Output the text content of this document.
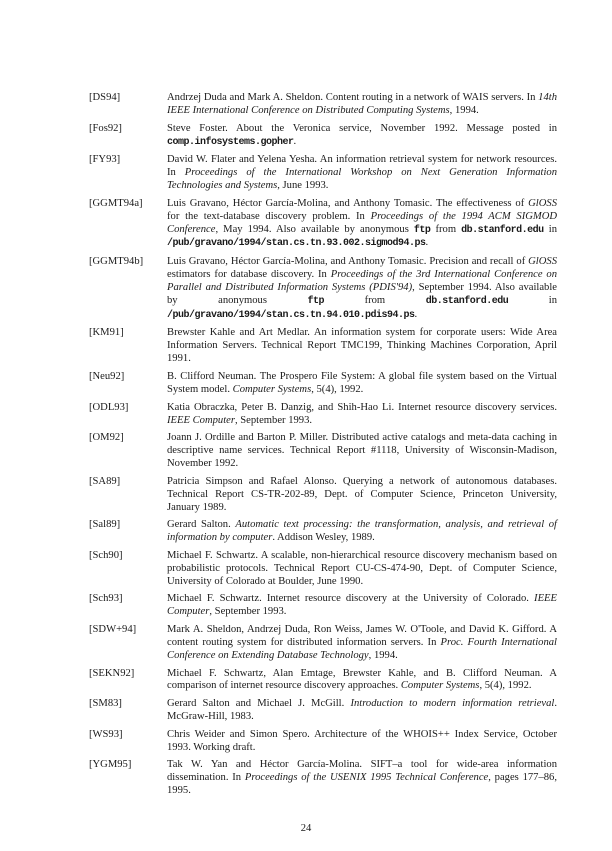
[DS94]	Andrzej Duda and Mark A. Sheldon. Content routing in a network of WAIS servers. In 14th IEEE International Conference on Distributed Computing Systems, 1994.
[Fos92]	Steve Foster. About the Veronica service, November 1992. Message posted in comp.infosystems.gopher.
[FY93]	David W. Flater and Yelena Yesha. An information retrieval system for network resources. In Proceedings of the International Workshop on Next Generation Information Technologies and Systems, June 1993.
[GGMT94a] Luis Gravano, Héctor García-Molina, and Anthony Tomasic. The effectiveness of GlOSS for the text-database discovery problem. In Proceedings of the 1994 ACM SIGMOD Conference, May 1994. Also available by anonymous ftp from db.stanford.edu in /pub/gravano/1994/stan.cs.tn.93.002.sigmod94.ps.
[GGMT94b] Luis Gravano, Héctor García-Molina, and Anthony Tomasic. Precision and recall of GlOSS estimators for database discovery. In Proceedings of the 3rd International Conference on Parallel and Distributed Information Systems (PDIS'94), September 1994. Also available by anonymous ftp from db.stanford.edu in /pub/gravano/1994/stan.cs.tn.94.010.pdis94.ps.
[KM91]	Brewster Kahle and Art Medlar. An information system for corporate users: Wide Area Information Servers. Technical Report TMC199, Thinking Machines Corporation, April 1991.
[Neu92]	B. Clifford Neuman. The Prospero File System: A global file system based on the Virtual System model. Computer Systems, 5(4), 1992.
[ODL93]	Katia Obraczka, Peter B. Danzig, and Shih-Hao Li. Internet resource discovery services. IEEE Computer, September 1993.
[OM92]	Joann J. Ordille and Barton P. Miller. Distributed active catalogs and meta-data caching in descriptive name services. Technical Report #1118, University of Wisconsin-Madison, November 1992.
[SA89]	Patricia Simpson and Rafael Alonso. Querying a network of autonomous databases. Technical Report CS-TR-202-89, Dept. of Computer Science, Princeton University, January 1989.
[Sal89]	Gerard Salton. Automatic text processing: the transformation, analysis, and retrieval of information by computer. Addison Wesley, 1989.
[Sch90]	Michael F. Schwartz. A scalable, non-hierarchical resource discovery mechanism based on probabilistic protocols. Technical Report CU-CS-474-90, Dept. of Computer Science, University of Colorado at Boulder, June 1990.
[Sch93]	Michael F. Schwartz. Internet resource discovery at the University of Colorado. IEEE Computer, September 1993.
[SDW+94]	Mark A. Sheldon, Andrzej Duda, Ron Weiss, James W. O'Toole, and David K. Gifford. A content routing system for distributed information servers. In Proc. Fourth International Conference on Extending Database Technology, 1994.
[SEKN92]	Michael F. Schwartz, Alan Emtage, Brewster Kahle, and B. Clifford Neuman. A comparison of internet resource discovery approaches. Computer Systems, 5(4), 1992.
[SM83]	Gerard Salton and Michael J. McGill. Introduction to modern information retrieval. McGraw-Hill, 1983.
[WS93]	Chris Weider and Simon Spero. Architecture of the WHOIS++ Index Service, October 1993. Working draft.
[YGM95]	Tak W. Yan and Héctor García-Molina. SIFT–a tool for wide-area information dissemination. In Proceedings of the USENIX 1995 Technical Conference, pages 177–86, 1995.
24
